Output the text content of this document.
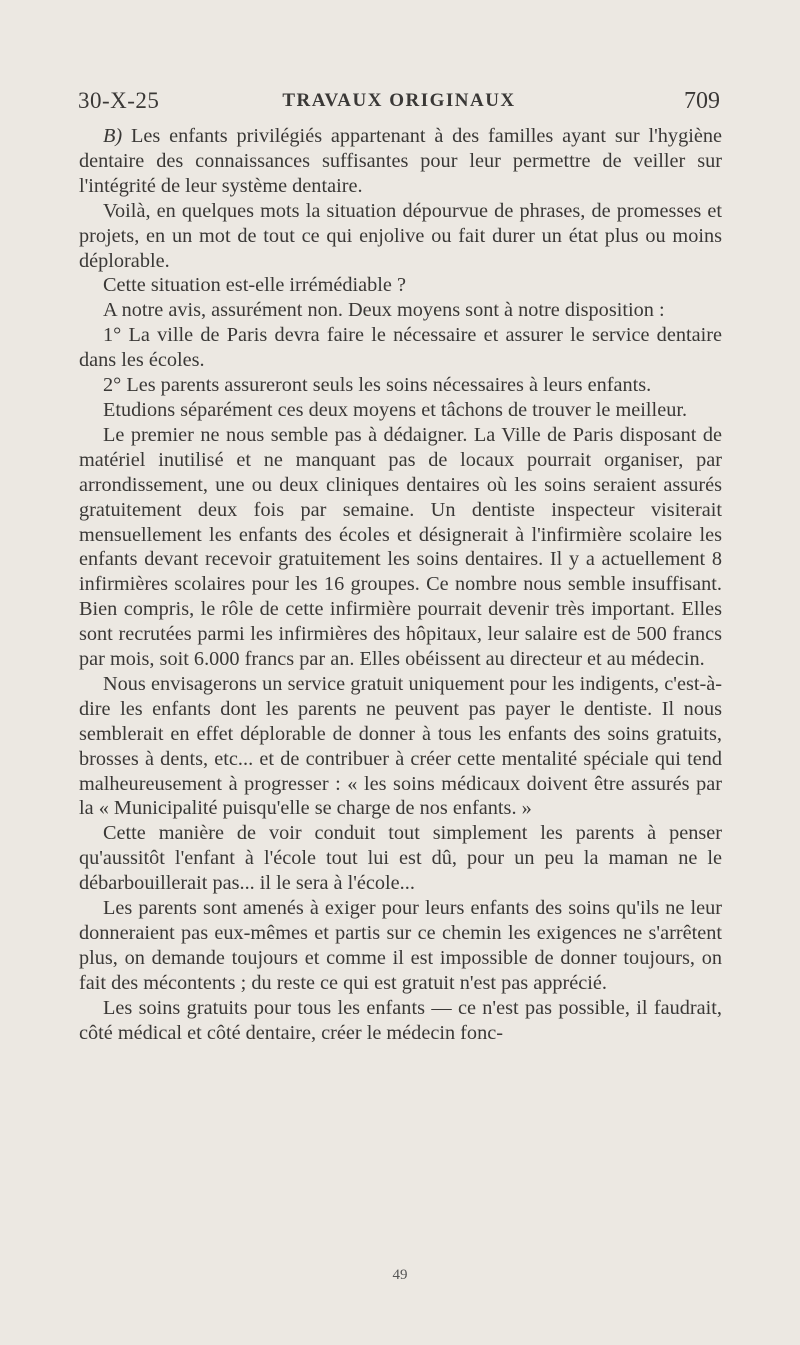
30-X-25	TRAVAUX ORIGINAUX	709

B) Les enfants privilégiés appartenant à des familles ayant sur l'hygiène dentaire des connaissances suffisantes pour leur permettre de veiller sur l'intégrité de leur système dentaire.

Voilà, en quelques mots la situation dépourvue de phrases, de promesses et projets, en un mot de tout ce qui enjolive ou fait durer un état plus ou moins déplorable.

Cette situation est-elle irrémédiable ?

A notre avis, assurément non. Deux moyens sont à notre disposition :

1° La ville de Paris devra faire le nécessaire et assurer le service dentaire dans les écoles.

2° Les parents assureront seuls les soins nécessaires à leurs enfants.

Etudions séparément ces deux moyens et tâchons de trouver le meilleur.

Le premier ne nous semble pas à dédaigner. La Ville de Paris disposant de matériel inutilisé et ne manquant pas de locaux pourrait organiser, par arrondissement, une ou deux cliniques dentaires où les soins seraient assurés gratuitement deux fois par semaine. Un dentiste inspecteur visiterait mensuellement les enfants des écoles et désignerait à l'infirmière scolaire les enfants devant recevoir gratuitement les soins dentaires. Il y a actuellement 8 infirmières scolaires pour les 16 groupes. Ce nombre nous semble insuffisant. Bien compris, le rôle de cette infirmière pourrait devenir très important. Elles sont recrutées parmi les infirmières des hôpitaux, leur salaire est de 500 francs par mois, soit 6.000 francs par an. Elles obéissent au directeur et au médecin.

Nous envisagerons un service gratuit uniquement pour les indigents, c'est-à-dire les enfants dont les parents ne peuvent pas payer le dentiste. Il nous semblerait en effet déplorable de donner à tous les enfants des soins gratuits, brosses à dents, etc... et de contribuer à créer cette mentalité spéciale qui tend malheureusement à progresser : « les soins médicaux doivent être assurés par la « Municipalité puisqu'elle se charge de nos enfants. »

Cette manière de voir conduit tout simplement les parents à penser qu'aussitôt l'enfant à l'école tout lui est dû, pour un peu la maman ne le débarbouillerait pas... il le sera à l'école...

Les parents sont amenés à exiger pour leurs enfants des soins qu'ils ne leur donneraient pas eux-mêmes et partis sur ce chemin les exigences ne s'arrêtent plus, on demande toujours et comme il est impossible de donner toujours, on fait des mécontents ; du reste ce qui est gratuit n'est pas apprécié.

Les soins gratuits pour tous les enfants — ce n'est pas possible, il faudrait, côté médical et côté dentaire, créer le médecin fonc-

49
